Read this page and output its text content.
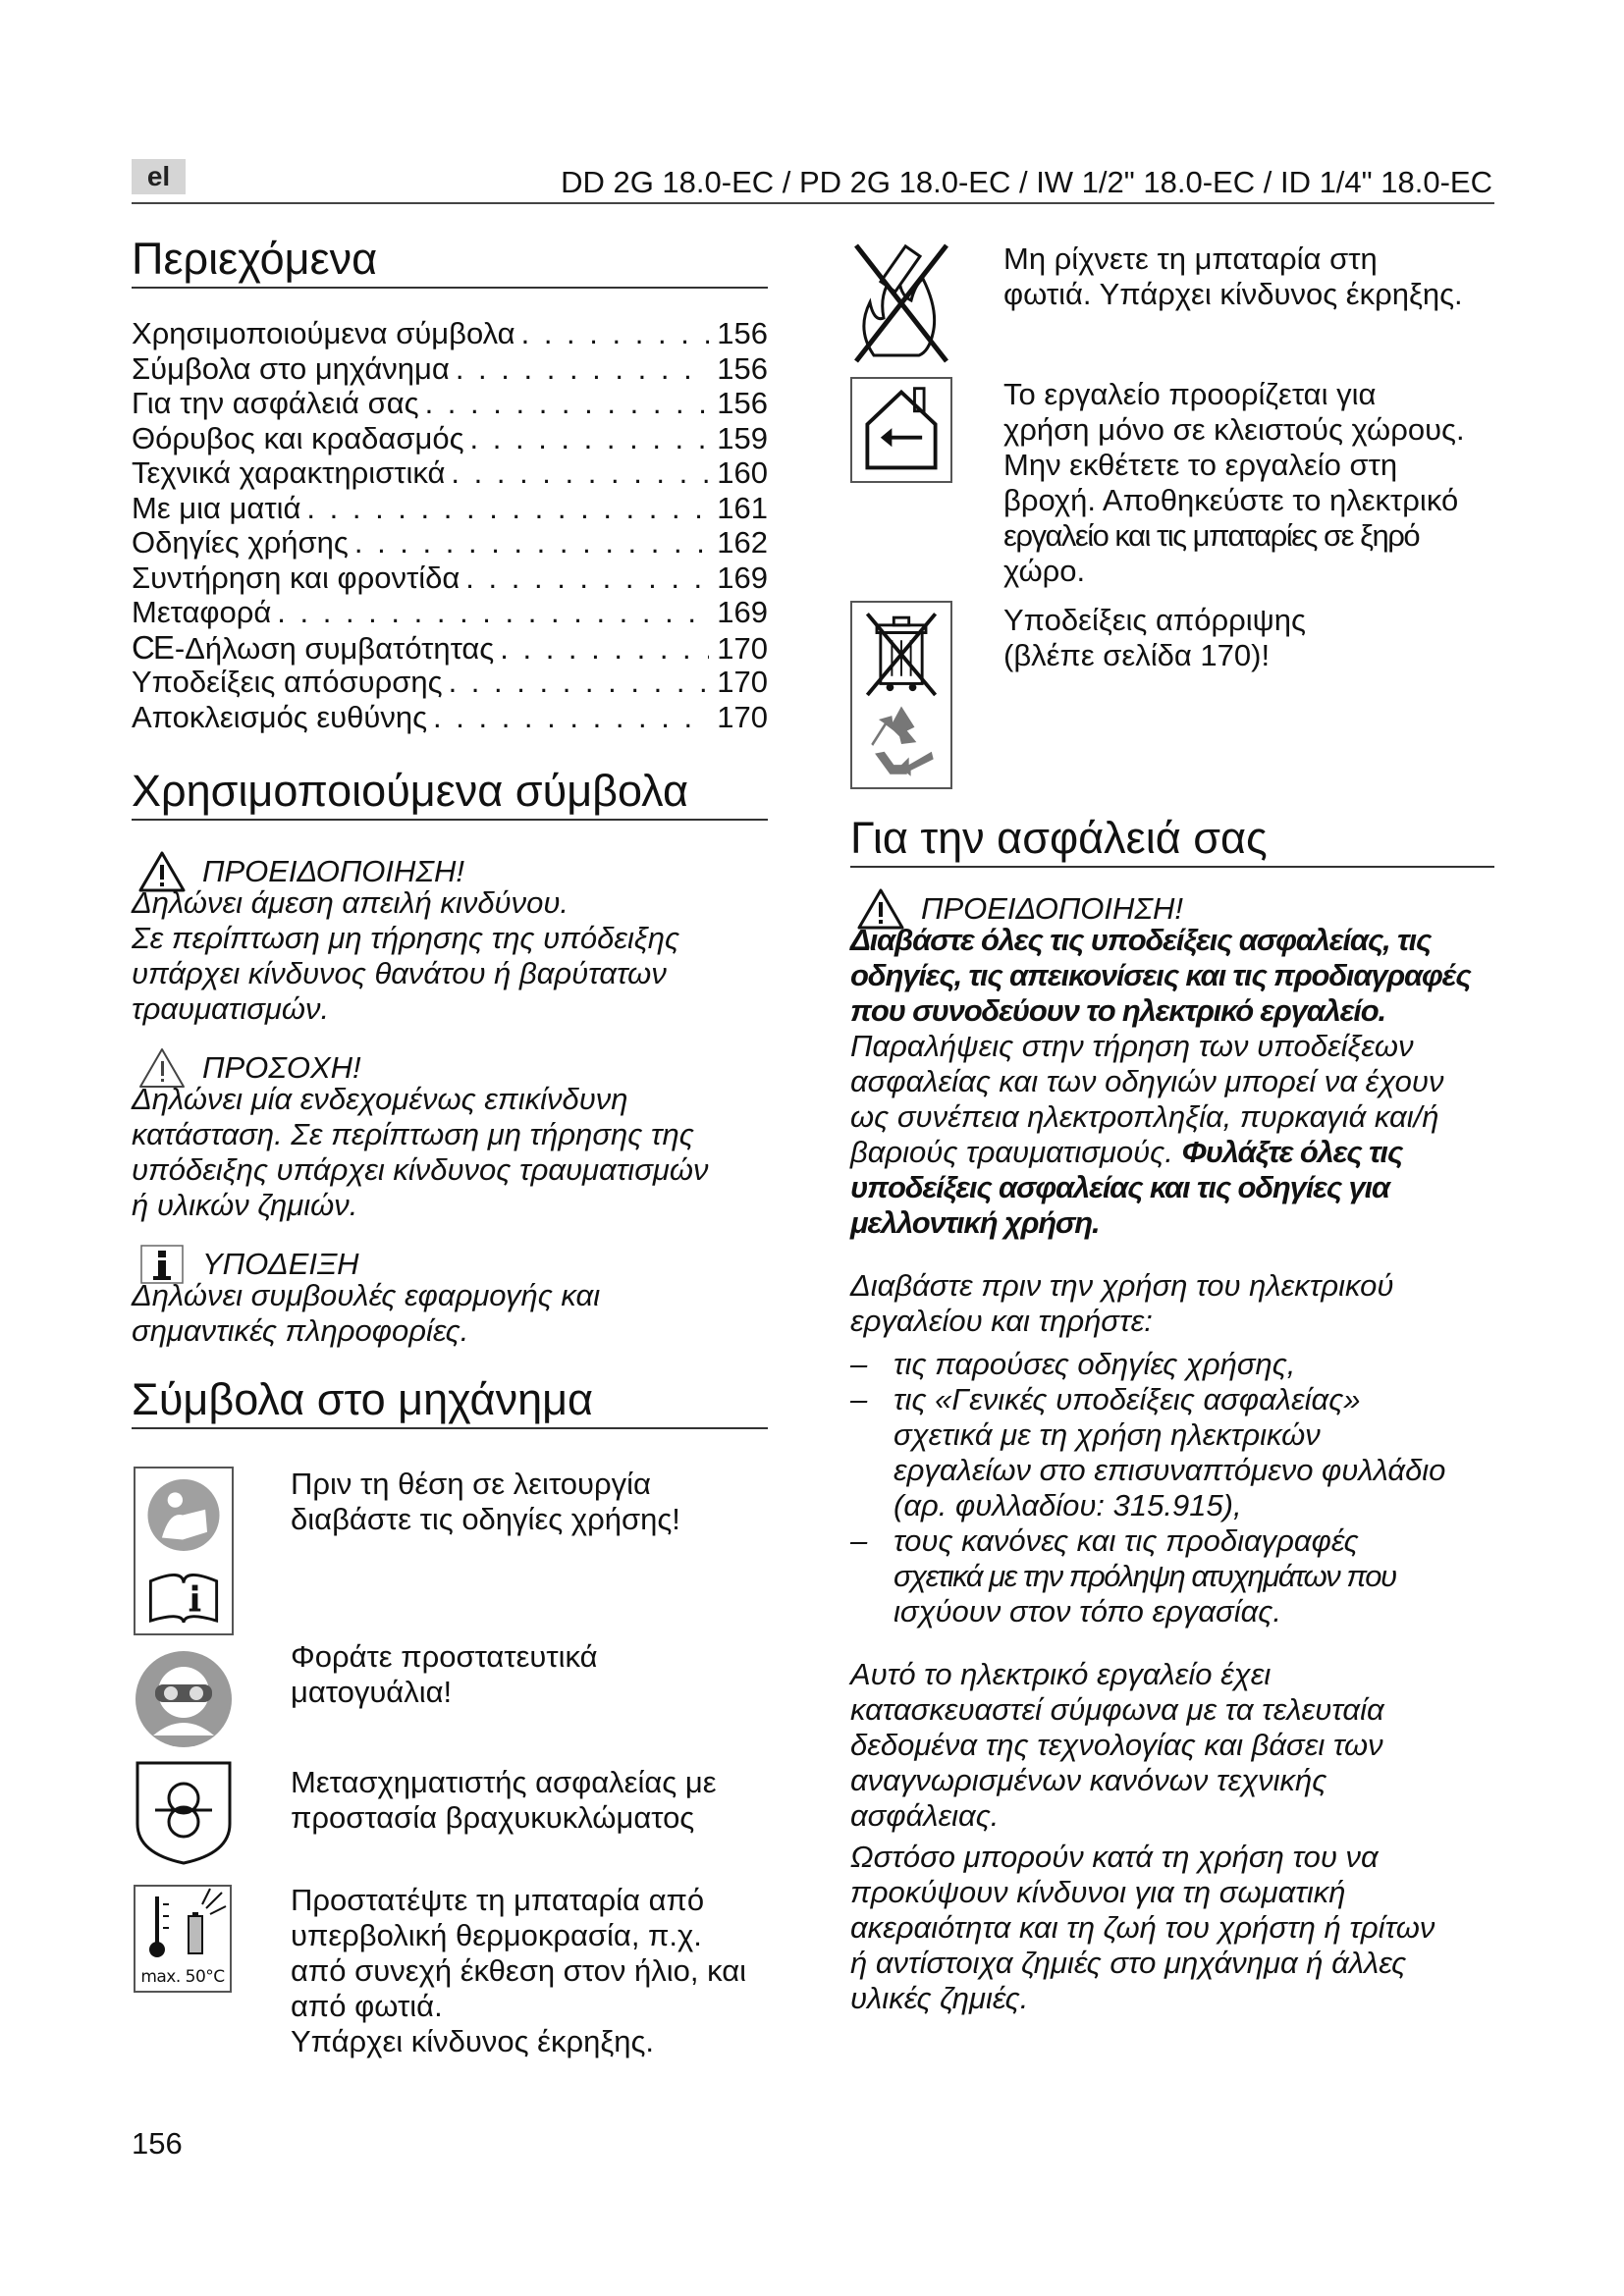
el	DD 2G 18.0-EC / PD 2G 18.0-EC / IW 1/2" 18.0-EC / ID 1/4" 18.0-EC
Περιεχόμενα
Χρησιμοποιούμενα σύμβολα . . .	156
Σύμβολα στο μηχάνημα . . .	156
Για την ασφάλειά σας . . .	156
Θόρυβος και κραδασμός . . .	159
Τεχνικά χαρακτηριστικά . . .	160
Με μια ματιά . . .	161
Οδηγίες χρήσης . . .	162
Συντήρηση και φροντίδα . . .	169
Μεταφορά . . .	169
CE-Δήλωση συμβατότητας . . .	170
Υποδείξεις απόσυρσης . . .	170
Αποκλεισμός ευθύνης . . .	170
Χρησιμοποιούμενα σύμβολα
ΠΡΟΕΙΔΟΠΟΙΗΣΗ!
Δηλώνει άμεση απειλή κινδύνου.
Σε περίπτωση μη τήρησης της υπόδειξης
υπάρχει κίνδυνος θανάτου ή βαρύτατων
τραυματισμών.
ΠΡΟΣΟΧΗ!
Δηλώνει μία ενδεχομένως επικίνδυνη
κατάσταση. Σε περίπτωση μη τήρησης της
υπόδειξης υπάρχει κίνδυνος τραυματισμών
ή υλικών ζημιών.
ΥΠΟΔΕΙΞΗ
Δηλώνει συμβουλές εφαρμογής και
σημαντικές πληροφορίες.
Σύμβολα στο μηχάνημα
Πριν τη θέση σε λειτουργία
διαβάστε τις οδηγίες χρήσης!
Φοράτε προστατευτικά
ματογυάλια!
Μετασχηματιστής ασφαλείας με
προστασία βραχυκυκλώματος
max. 50°C
Προστατέψτε τη μπαταρία από
υπερβολική θερμοκρασία, π.χ.
από συνεχή έκθεση στον ήλιο, και
από φωτιά.
Υπάρχει κίνδυνος έκρηξης.
Μη ρίχνετε τη μπαταρία στη
φωτιά. Υπάρχει κίνδυνος έκρηξης.
Το εργαλείο προορίζεται για
χρήση μόνο σε κλειστούς χώρους.
Μην εκθέτετε το εργαλείο στη
βροχή. Αποθηκεύστε το ηλεκτρικό
εργαλείο και τις μπαταρίες σε ξηρό
χώρο.
Υποδείξεις απόρριψης
(βλέπε σελίδα 170)!
Για την ασφάλειά σας
ΠΡΟΕΙΔΟΠΟΙΗΣΗ!
Διαβάστε όλες τις υποδείξεις ασφαλείας, τις
οδηγίες, τις απεικονίσεις και τις προδιαγραφές
που συνοδεύουν το ηλεκτρικό εργαλείο.
Παραλήψεις στην τήρηση των υποδείξεων
ασφαλείας και των οδηγιών μπορεί να έχουν
ως συνέπεια ηλεκτροπληξία, πυρκαγιά και/ή
βαριούς τραυματισμούς. Φυλάξτε όλες τις
υποδείξεις ασφαλείας και τις οδηγίες για
μελλοντική χρήση.
Διαβάστε πριν την χρήση του ηλεκτρικού
εργαλείου και τηρήστε:
– τις παρούσες οδηγίες χρήσης,
– τις «Γενικές υποδείξεις ασφαλείας»
σχετικά με τη χρήση ηλεκτρικών
εργαλείων στο επισυναπτόμενο φυλλάδιο
(αρ. φυλλαδίου: 315.915),
– τους κανόνες και τις προδιαγραφές
σχετικά με την πρόληψη ατυχημάτων που
ισχύουν στον τόπο εργασίας.
Αυτό το ηλεκτρικό εργαλείο έχει
κατασκευαστεί σύμφωνα με τα τελευταία
δεδομένα της τεχνολογίας και βάσει των
αναγνωρισμένων κανόνων τεχνικής
ασφάλειας.
Ωστόσο μπορούν κατά τη χρήση του να
προκύψουν κίνδυνοι για τη σωματική
ακεραιότητα και τη ζωή του χρήστη ή τρίτων
ή αντίστοιχα ζημιές στο μηχάνημα ή άλλες
υλικές ζημιές.
156
